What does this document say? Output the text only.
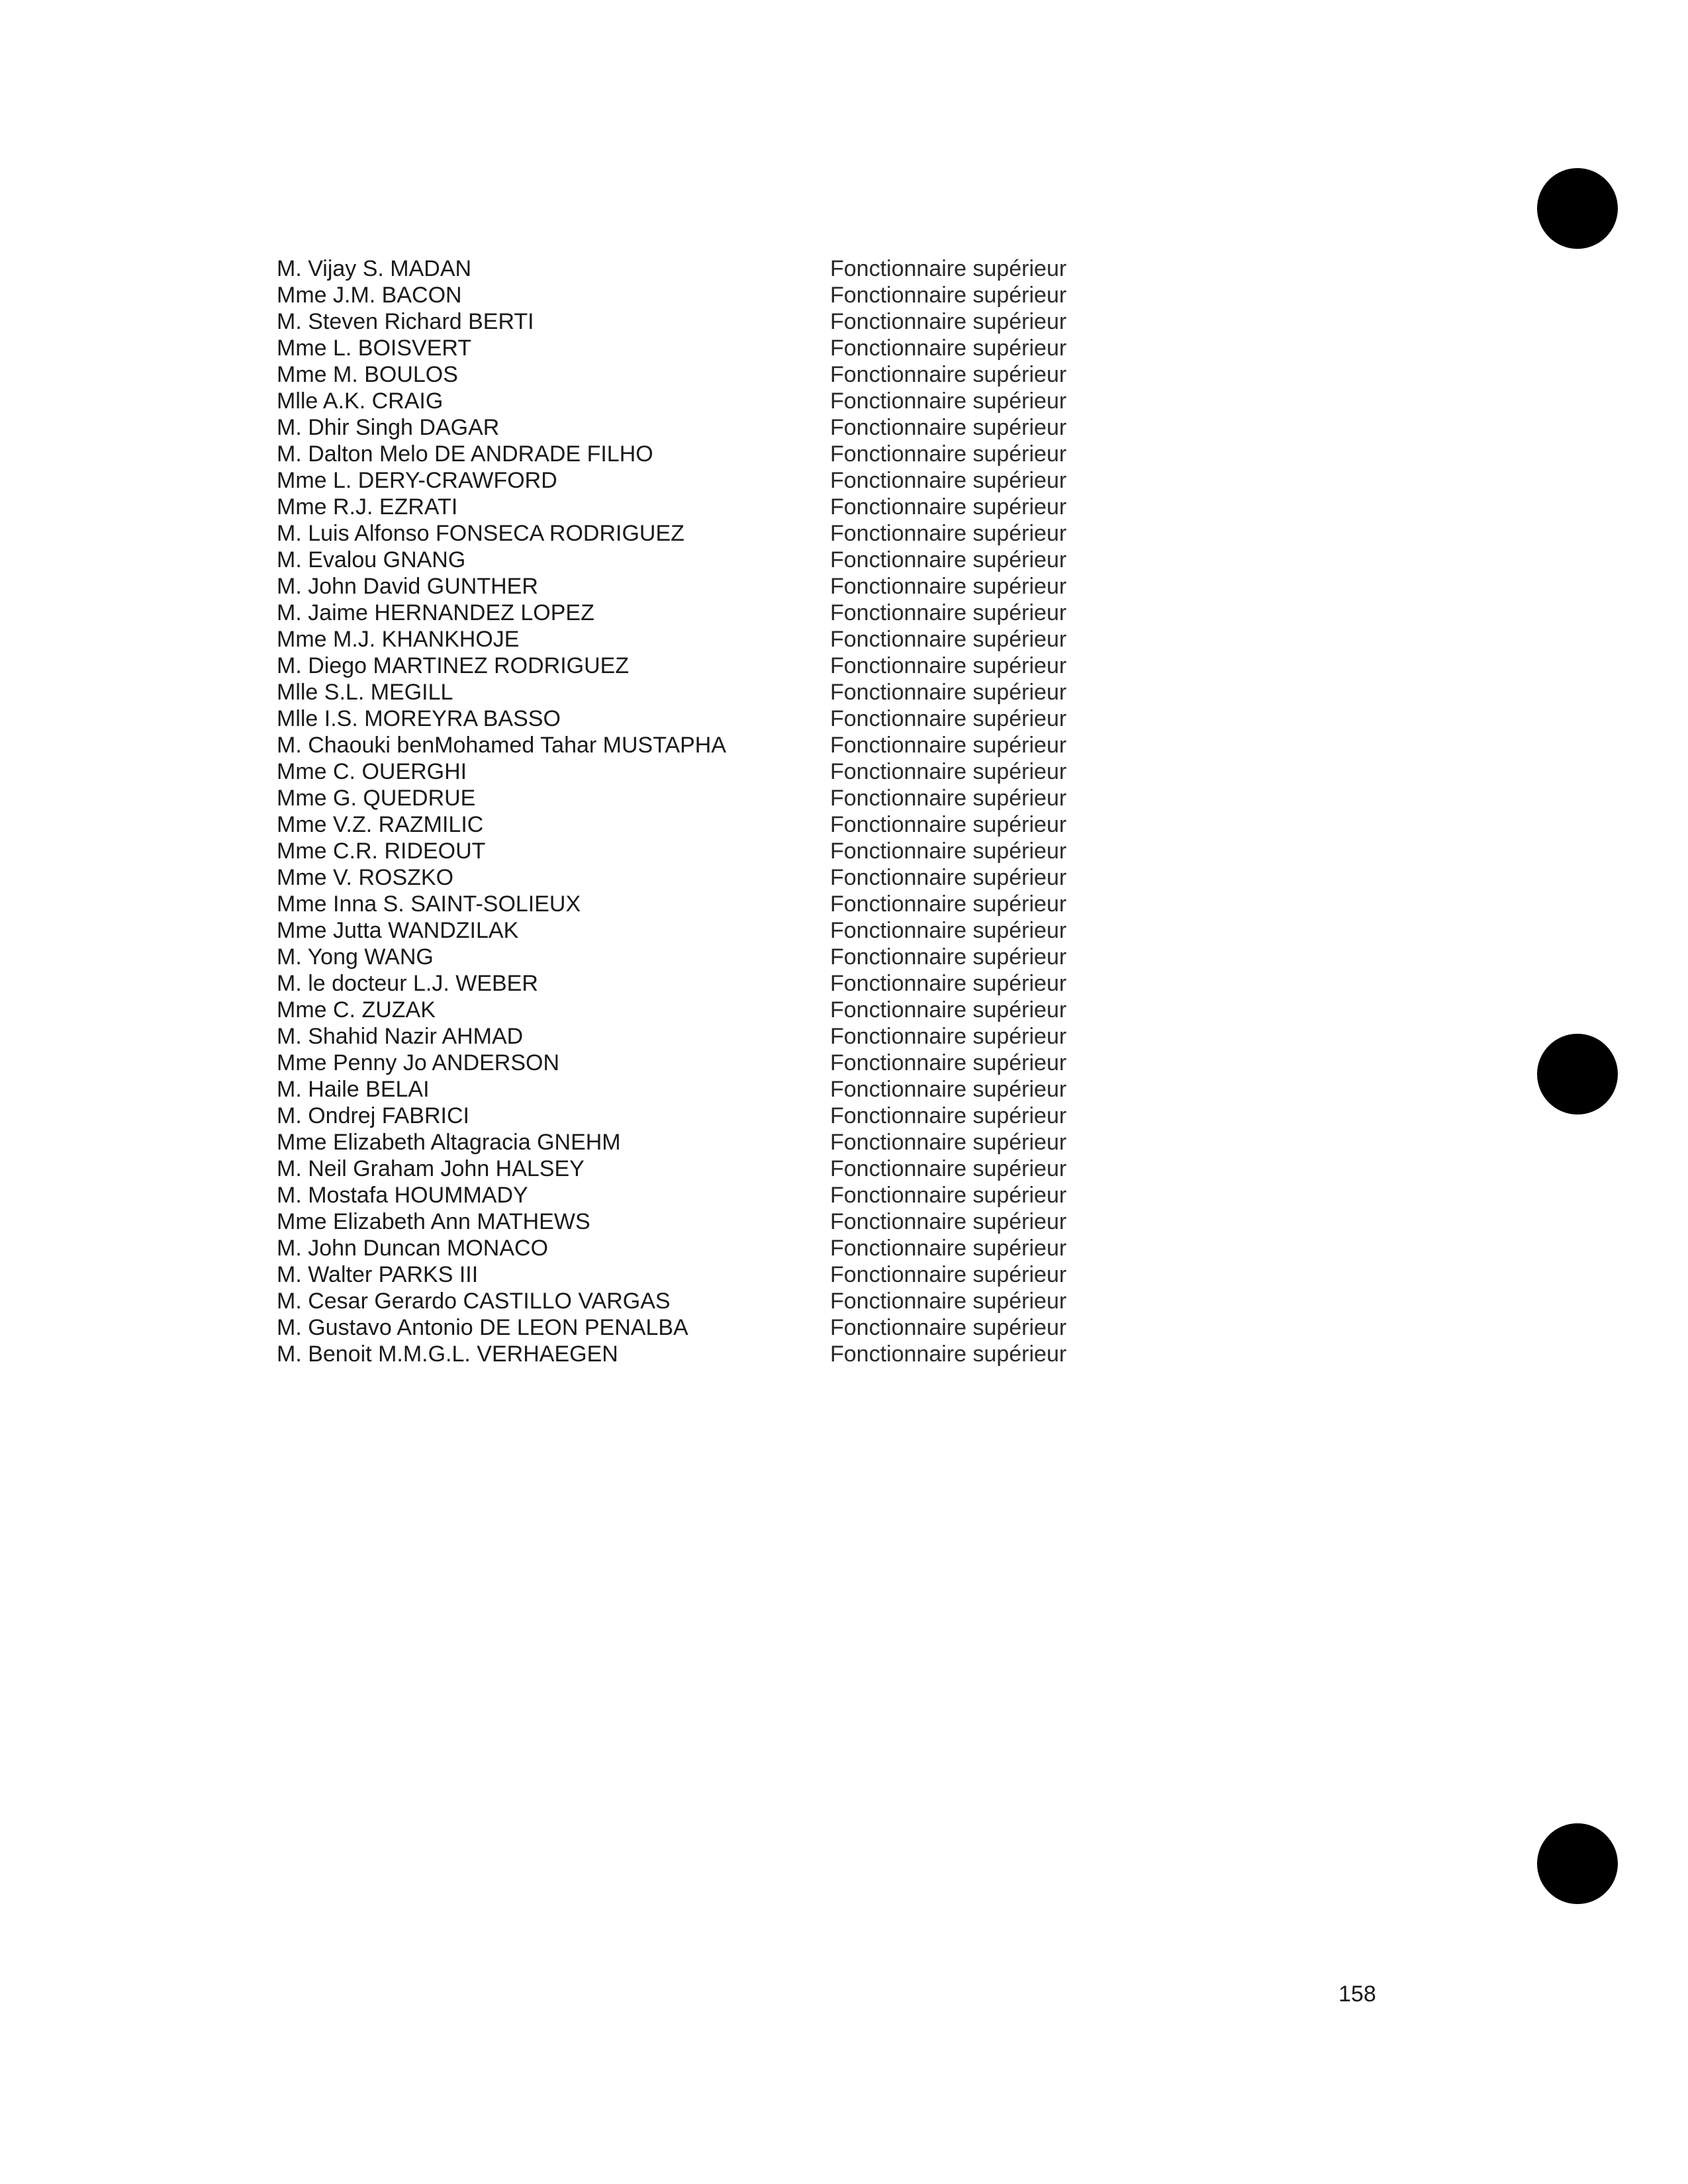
M. Vijay S. MADAN	Fonctionnaire supérieur
Mme J.M. BACON	Fonctionnaire supérieur
M. Steven Richard BERTI	Fonctionnaire supérieur
Mme L. BOISVERT	Fonctionnaire supérieur
Mme M. BOULOS	Fonctionnaire supérieur
Mlle A.K. CRAIG	Fonctionnaire supérieur
M. Dhir Singh DAGAR	Fonctionnaire supérieur
M. Dalton Melo DE ANDRADE FILHO	Fonctionnaire supérieur
Mme L. DERY-CRAWFORD	Fonctionnaire supérieur
Mme R.J. EZRATI	Fonctionnaire supérieur
M. Luis Alfonso FONSECA RODRIGUEZ	Fonctionnaire supérieur
M. Evalou GNANG	Fonctionnaire supérieur
M. John David GUNTHER	Fonctionnaire supérieur
M. Jaime HERNANDEZ LOPEZ	Fonctionnaire supérieur
Mme M.J. KHANKHOJE	Fonctionnaire supérieur
M. Diego MARTINEZ RODRIGUEZ	Fonctionnaire supérieur
Mlle S.L. MEGILL	Fonctionnaire supérieur
Mlle I.S. MOREYRA BASSO	Fonctionnaire supérieur
M. Chaouki benMohamed Tahar MUSTAPHA	Fonctionnaire supérieur
Mme C. OUERGHI	Fonctionnaire supérieur
Mme G. QUEDRUE	Fonctionnaire supérieur
Mme V.Z. RAZMILIC	Fonctionnaire supérieur
Mme C.R. RIDEOUT	Fonctionnaire supérieur
Mme V. ROSZKO	Fonctionnaire supérieur
Mme Inna S. SAINT-SOLIEUX	Fonctionnaire supérieur
Mme Jutta WANDZILAK	Fonctionnaire supérieur
M. Yong WANG	Fonctionnaire supérieur
M. le docteur L.J. WEBER	Fonctionnaire supérieur
Mme C. ZUZAK	Fonctionnaire supérieur
M. Shahid Nazir AHMAD	Fonctionnaire supérieur
Mme Penny Jo ANDERSON	Fonctionnaire supérieur
M. Haile BELAI	Fonctionnaire supérieur
M. Ondrej FABRICI	Fonctionnaire supérieur
Mme Elizabeth Altagracia GNEHM	Fonctionnaire supérieur
M. Neil Graham John HALSEY	Fonctionnaire supérieur
M. Mostafa HOUMMADY	Fonctionnaire supérieur
Mme Elizabeth Ann MATHEWS	Fonctionnaire supérieur
M. John Duncan MONACO	Fonctionnaire supérieur
M. Walter PARKS III	Fonctionnaire supérieur
M. Cesar Gerardo CASTILLO VARGAS	Fonctionnaire supérieur
M. Gustavo Antonio DE LEON PENALBA	Fonctionnaire supérieur
M. Benoit M.M.G.L. VERHAEGEN	Fonctionnaire supérieur
158
